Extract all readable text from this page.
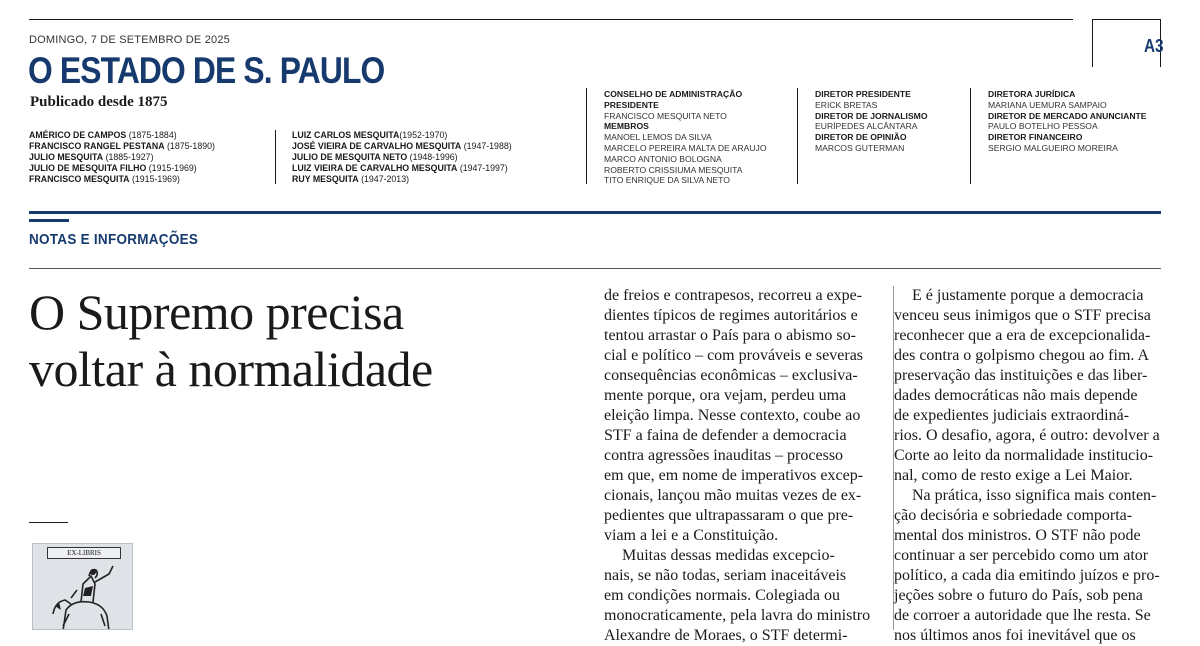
DOMINGO, 7 DE SETEMBRO DE 2025
O ESTADO DE S. PAULO
Publicado desde 1875
A3
AMÉRICO DE CAMPOS (1875-1884)
FRANCISCO RANGEL PESTANA (1875-1890)
JULIO MESQUITA (1885-1927)
JULIO DE MESQUITA FILHO (1915-1969)
FRANCISCO MESQUITA (1915-1969)
LUIZ CARLOS MESQUITA(1952-1970)
JOSÉ VIEIRA DE CARVALHO MESQUITA (1947-1988)
JULIO DE MESQUITA NETO (1948-1996)
LUIZ VIEIRA DE CARVALHO MESQUITA (1947-1997)
RUY MESQUITA (1947-2013)
CONSELHO DE ADMINISTRAÇÃO
PRESIDENTE
FRANCISCO MESQUITA NETO
MEMBROS
MANOEL LEMOS DA SILVA
MARCELO PEREIRA MALTA DE ARAUJO
MARCO ANTONIO BOLOGNA
ROBERTO CRISSIUMA MESQUITA
TITO ENRIQUE DA SILVA NETO
DIRETOR PRESIDENTE
ERICK BRETAS
DIRETOR DE JORNALISMO
EURÍPEDES ALCÂNTARA
DIRETOR DE OPINIÃO
MARCOS GUTERMAN
DIRETORA JURÍDICA
MARIANA UEMURA SAMPAIO
DIRETOR DE MERCADO ANUNCIANTE
PAULO BOTELHO PESSOA
DIRETOR FINANCEIRO
SERGIO MALGUEIRO MOREIRA
NOTAS E INFORMAÇÕES
O Supremo precisa
voltar à normalidade
EX-LIBRIS

de freios e contrapesos, recorreu a expe-
dientes típicos de regimes autoritários e
tentou arrastar o País para o abismo so-
cial e político – com prováveis e severas
consequências econômicas – exclusiva-
mente porque, ora vejam, perdeu uma
eleição limpa. Nesse contexto, coube ao
STF a faina de defender a democracia
contra agressões inauditas – processo
em que, em nome de imperativos excep-
cionais, lançou mão muitas vezes de ex-
pedientes que ultrapassaram o que pre-
viam a lei e a Constituição.

Muitas dessas medidas excepcio-
nais, se não todas, seriam inaceitáveis
em condições normais. Colegiada ou
monocraticamente, pela lavra do ministro
Alexandre de Moraes, o STF determi-

E é justamente porque a democracia
venceu seus inimigos que o STF precisa
reconhecer que a era de excepcionalida-
des contra o golpismo chegou ao fim. A
preservação das instituições e das liber-
dades democráticas não mais depende
de expedientes judiciais extraordiná-
rios. O desafio, agora, é outro: devolver a
Corte ao leito da normalidade institucio-
nal, como de resto exige a Lei Maior.

Na prática, isso significa mais conten-
ção decisória e sobriedade comporta-
mental dos ministros. O STF não pode
continuar a ser percebido como um ator
político, a cada dia emitindo juízos e pro-
jeções sobre o futuro do País, sob pena
de corroer a autoridade que lhe resta. Se
nos últimos anos foi inevitável que os
